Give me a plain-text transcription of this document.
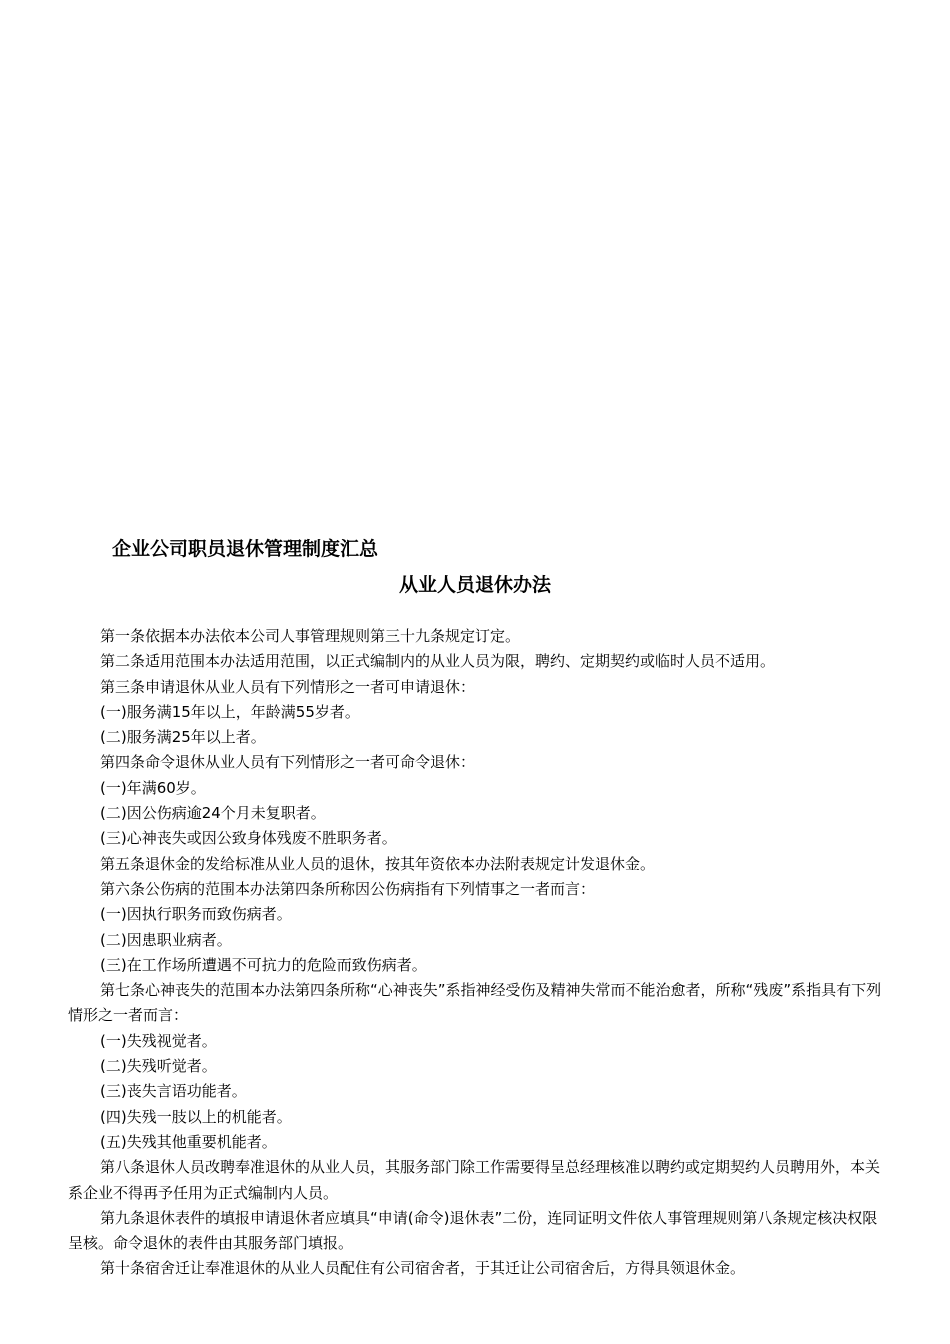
企业公司职员退休管理制度汇总
从业人员退休办法

第一条依据本办法依本公司人事管理规则第三十九条规定订定。

第二条适用范围本办法适用范围，以正式编制内的从业人员为限，聘约、定期契约或临时人员不适用。

第三条申请退休从业人员有下列情形之一者可申请退休：

(一)服务满15年以上，年龄满55岁者。

(二)服务满25年以上者。

第四条命令退休从业人员有下列情形之一者可命令退休：

(一)年满60岁。

(二)因公伤病逾24个月未复职者。

(三)心神丧失或因公致身体残废不胜职务者。

第五条退休金的发给标准从业人员的退休，按其年资依本办法附表规定计发退休金。

第六条公伤病的范围本办法第四条所称因公伤病指有下列情事之一者而言：

(一)因执行职务而致伤病者。

(二)因患职业病者。

(三)在工作场所遭遇不可抗力的危险而致伤病者。

第七条心神丧失的范围本办法第四条所称“心神丧失”系指神经受伤及精神失常而不能治愈者，所称“残废”系指具有下列情形之一者而言：

(一)失残视觉者。

(二)失残听觉者。

(三)丧失言语功能者。

(四)失残一肢以上的机能者。

(五)失残其他重要机能者。

第八条退休人员改聘奉准退休的从业人员，其服务部门除工作需要得呈总经理核准以聘约或定期契约人员聘用外，本关系企业不得再予任用为正式编制内人员。

第九条退休表件的填报申请退休者应填具“申请(命令)退休表”二份，连同证明文件依人事管理规则第八条规定核决权限呈核。命令退休的表件由其服务部门填报。

第十条宿舍迁让奉准退休的从业人员配住有公司宿舍者，于其迁让公司宿舍后，方得具领退休金。
